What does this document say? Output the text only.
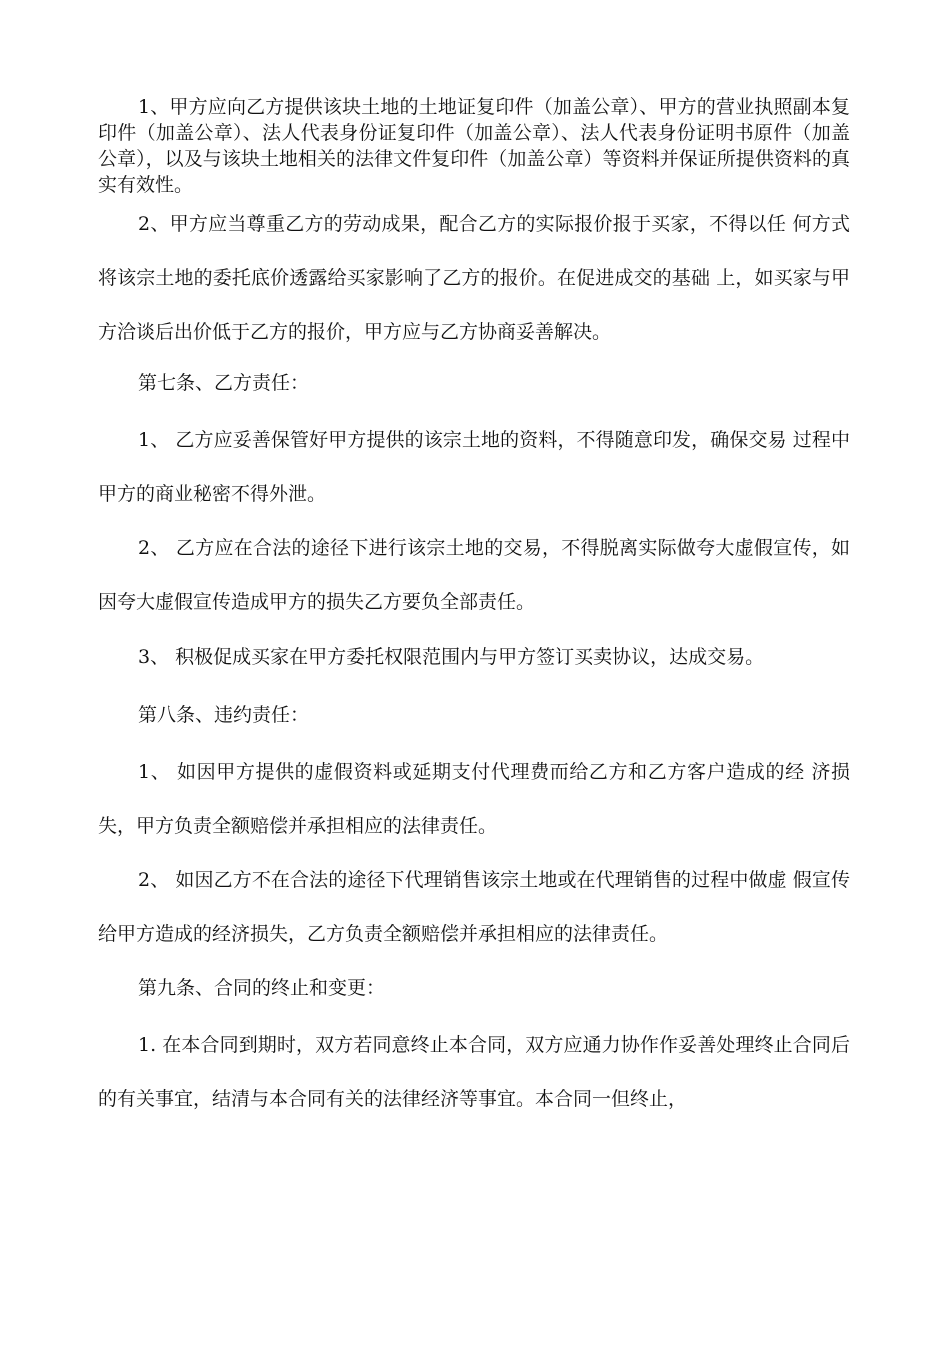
1、甲方应向乙方提供该块土地的土地证复印件（加盖公章）、甲方的营业执照副本复印件（加盖公章）、法人代表身份证复印件（加盖公章）、法人代表身份证明书原件（加盖公章），以及与该块土地相关的法律文件复印件（加盖公章）等资料并保证所提供资料的真实有效性。

2、甲方应当尊重乙方的劳动成果，配合乙方的实际报价报于买家，不得以任 何方式将该宗土地的委托底价透露给买家影响了乙方的报价。在促进成交的基础 上，如买家与甲方洽谈后出价低于乙方的报价，甲方应与乙方协商妥善解决。

第七条、乙方责任：

1、 乙方应妥善保管好甲方提供的该宗土地的资料，不得随意印发，确保交易 过程中甲方的商业秘密不得外泄。

2、 乙方应在合法的途径下进行该宗土地的交易，不得脱离实际做夸大虚假宣传，如因夸大虚假宣传造成甲方的损失乙方要负全部责任。

3、 积极促成买家在甲方委托权限范围内与甲方签订买卖协议，达成交易。

第八条、违约责任：

1、 如因甲方提供的虚假资料或延期支付代理费而给乙方和乙方客户造成的经 济损失，甲方负责全额赔偿并承担相应的法律责任。

2、 如因乙方不在合法的途径下代理销售该宗土地或在代理销售的过程中做虚 假宣传给甲方造成的经济损失，乙方负责全额赔偿并承担相应的法律责任。

第九条、合同的终止和变更：

1. 在本合同到期时，双方若同意终止本合同，双方应通力协作作妥善处理终止合同后的有关事宜，结清与本合同有关的法律经济等事宜。本合同一但终止，
